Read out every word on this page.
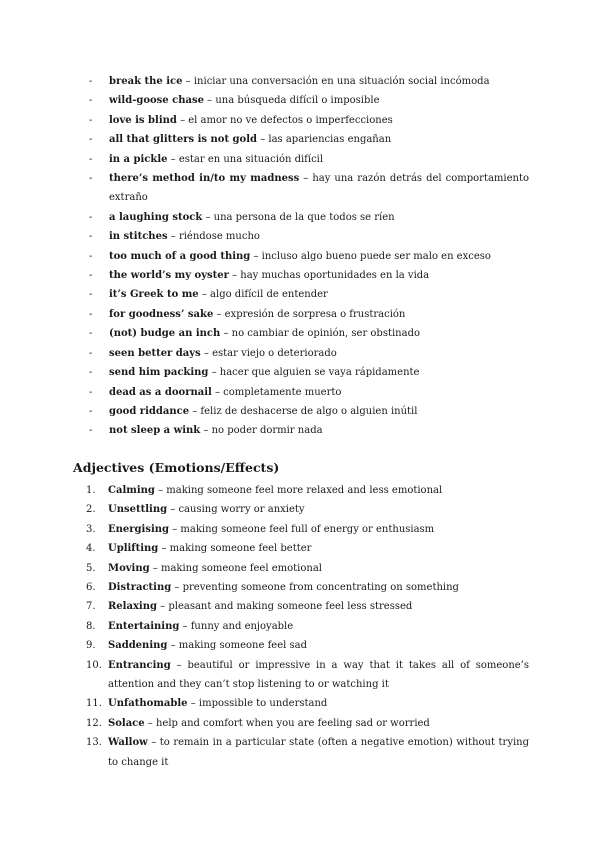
-	break the ice – iniciar una conversación en una situación social incómoda
-	wild-goose chase – una búsqueda difícil o imposible
-	love is blind – el amor no ve defectos o imperfecciones
-	all that glitters is not gold – las apariencias engañan
-	in a pickle – estar en una situación difícil
-	there’s method in/to my madness – hay una razón detrás del comportamiento extraño
-	a laughing stock – una persona de la que todos se ríen
-	in stitches – riéndose mucho
-	too much of a good thing – incluso algo bueno puede ser malo en exceso
-	the world’s my oyster – hay muchas oportunidades en la vida
-	it’s Greek to me – algo difícil de entender
-	for goodness’ sake – expresión de sorpresa o frustración
-	(not) budge an inch – no cambiar de opinión, ser obstinado
-	seen better days – estar viejo o deteriorado
-	send him packing – hacer que alguien se vaya rápidamente
-	dead as a doornail – completamente muerto
-	good riddance – feliz de deshacerse de algo o alguien inútil
-	not sleep a wink – no poder dormir nada
Adjectives (Emotions/Effects)
1.	Calming – making someone feel more relaxed and less emotional
2.	Unsettling – causing worry or anxiety
3.	Energising – making someone feel full of energy or enthusiasm
4.	Uplifting – making someone feel better
5.	Moving – making someone feel emotional
6.	Distracting – preventing someone from concentrating on something
7.	Relaxing – pleasant and making someone feel less stressed
8.	Entertaining – funny and enjoyable
9.	Saddening – making someone feel sad
10. Entrancing – beautiful or impressive in a way that it takes all of someone’s attention and they can’t stop listening to or watching it
11. Unfathomable – impossible to understand
12. Solace – help and comfort when you are feeling sad or worried
13. Wallow – to remain in a particular state (often a negative emotion) without trying to change it
